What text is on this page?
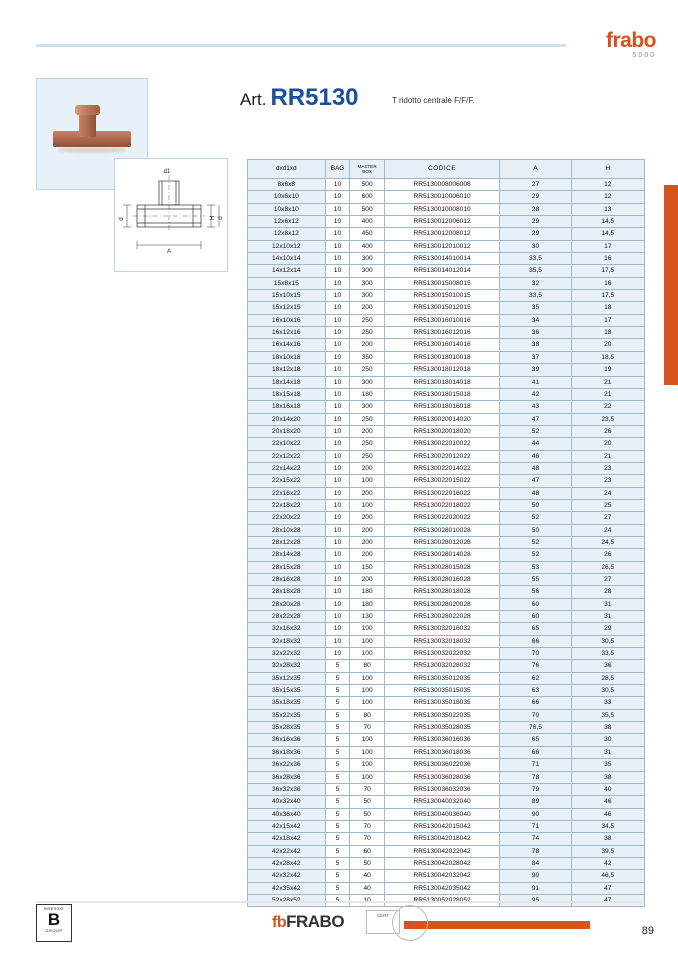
frabo
5000
Art. RR5130	T ridotto centrale F/F/F.
d1
d
A
H d
dxd1xd	BAG	MASTER
BOX	CODICE	A	H
8x6x8	10	500	RR5130008006008	27	12
10x6x10	10	600	RR5130010006010	29	12
10x8x10	10	500	RR5130010008010	28	13
12x6x12	10	400	RR5130012006012	29	14,5
12x8x12	10	450	RR5130012008012	29	14,5
12x10x12	10	400	RR5130012010012	30	17
14x10x14	10	300	RR5130014010014	33,5	16
14x12x14	10	300	RR5130014012014	35,5	17,5
15x8x15	10	300	RR5130015008015	32	16
15x10x15	10	300	RR5130015010015	33,5	17,5
15x12x15	10	200	RR5130015012015	35	18
16x10x16	10	250	RR5130016010016	34	17
16x12x16	10	250	RR5130016012016	36	18
16x14x16	10	200	RR5130016014016	38	20
18x10x18	10	350	RR5130018010018	37	18,5
18x12x18	10	250	RR5130018012018	39	19
18x14x18	10	300	RR5130018014018	41	21
18x15x18	10	180	RR5130018015018	42	21
18x16x18	10	300	RR5130018016018	43	22
20x14x20	10	250	RR5130020014020	47	23,5
20x18x20	10	200	RR5130020018020	52	26
22x10x22	10	250	RR5130022010022	44	20
22x12x22	10	250	RR5130022012022	46	21
22x14x22	10	200	RR5130022014022	48	23
22x15x22	10	100	RR5130022015022	47	23
22x16x22	10	200	RR5130022016022	48	24
22x18x22	10	100	RR5130022018022	50	25
22x20x22	10	200	RR5130022020022	52	27
28x10x28	10	200	RR5130028010028	50	24
28x12x28	10	200	RR5130028012028	52	24,5
28x14x28	10	200	RR5130028014028	52	26
28x15x28	10	150	RR5130028015028	53	26,5
28x16x28	10	200	RR5130028016028	55	27
28x18x28	10	180	RR5130028018028	56	28
28x20x28	10	180	RR5130028020028	60	31
28x22x28	10	130	RR5130028022028	60	31
32x16x32	10	100	RR5130032016032	65	29
32x18x32	10	100	RR5130032018032	66	30,5
32x22x32	10	100	RR5130032022032	70	33,5
32x28x32	5	80	RR5130032028032	76	36
35x12x35	5	100	RR5130035012035	62	28,5
35x15x35	5	100	RR5130035015035	63	30,5
35x18x35	5	100	RR5130035018035	66	33
35x22x35	5	80	RR5130035022035	70	35,5
35x28x35	5	70	RR5130035028035	76,5	38
36x16x36	5	100	RR5130036016036	65	30
36x18x36	5	100	RR5130036018036	66	31
36x22x36	5	100	RR5130036022036	71	35
36x28x36	5	100	RR5130036028036	78	38
36x32x36	5	70	RR5130036032036	79	40
40x32x40	5	50	RR5130040032040	89	46
40x36x40	5	50	RR5130040036040	90	46
42x15x42	5	70	RR5130042015042	71	34,5
42x18x42	5	70	RR5130042018042	74	38
42x22x42	5	60	RR5130042022042	78	39,5
42x28x42	5	50	RR5130042028042	84	42
42x32x42	5	40	RR5130042032042	90	46,5
42x35x42	5	40	RR5130042035042	91	47

BRESSO
B
GROUP	fbFRABO	CERT
ISO
89
